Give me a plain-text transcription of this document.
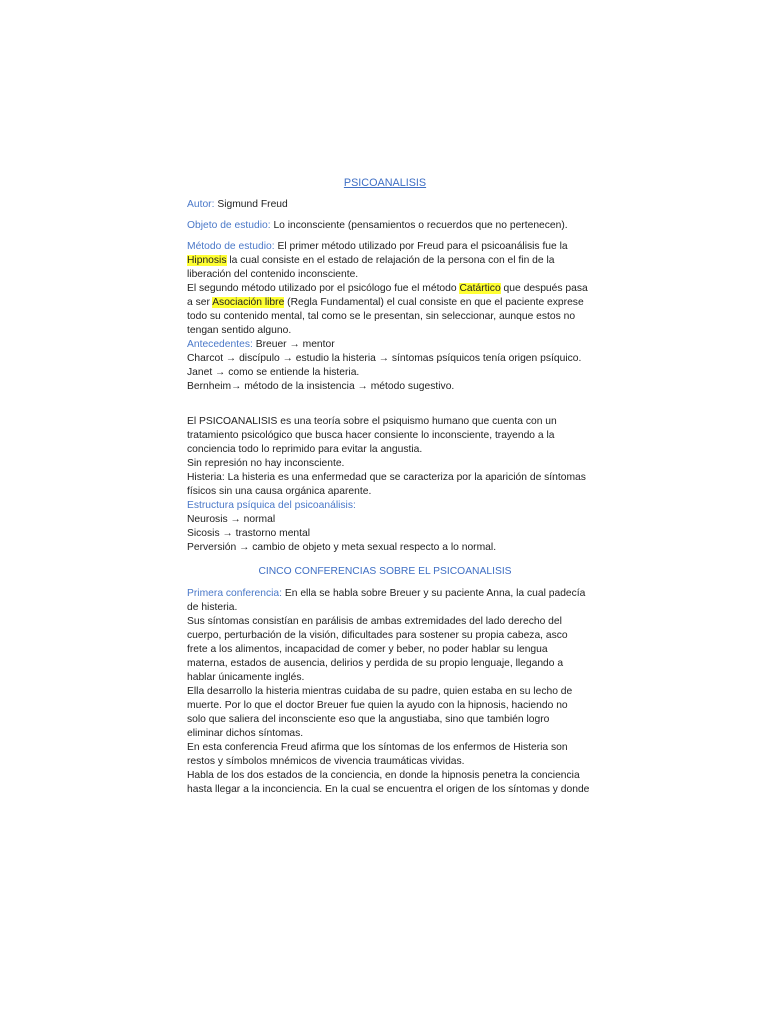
PSICOANALISIS

Autor: Sigmund Freud

Objeto de estudio: Lo inconsciente (pensamientos o recuerdos que no pertenecen).

Método de estudio: El primer método utilizado por Freud para el psicoanálisis fue la

Hipnosis la cual consiste en el estado de relajación de la persona con el fin de la

liberación del contenido inconsciente.

El segundo método utilizado por el psicólogo fue el método Catártico que después pasa

a ser Asociación libre (Regla Fundamental) el cual consiste en que el paciente exprese

todo su contenido mental, tal como se le presentan, sin seleccionar, aunque estos no

tengan sentido alguno.

Antecedentes: Breuer → mentor

Charcot → discípulo → estudio la histeria → síntomas psíquicos tenía origen psíquico.

Janet → como se entiende la histeria.

Bernheim→ método de la insistencia → método sugestivo.

El PSICOANALISIS es una teoría sobre el psiquismo humano que cuenta con un

tratamiento psicológico que busca hacer consiente lo inconsciente, trayendo a la

conciencia todo lo reprimido para evitar la angustia.

Sin represión no hay inconsciente.

Histeria: La histeria es una enfermedad que se caracteriza por la aparición de síntomas

físicos sin una causa orgánica aparente.

Estructura psíquica del psicoanálisis:

Neurosis → normal

Sicosis → trastorno mental

Perversión → cambio de objeto y meta sexual respecto a lo normal.

CINCO CONFERENCIAS SOBRE EL PSICOANALISIS

Primera conferencia: En ella se habla sobre Breuer y su paciente Anna, la cual padecía

de histeria.

Sus síntomas consistían en parálisis de ambas extremidades del lado derecho del

cuerpo, perturbación de la visión, dificultades para sostener su propia cabeza, asco

frete a los alimentos, incapacidad de comer y beber, no poder hablar su lengua

materna, estados de ausencia, delirios y perdida de su propio lenguaje, llegando a

hablar únicamente inglés.

Ella desarrollo la histeria mientras cuidaba de su padre, quien estaba en su lecho de

muerte. Por lo que el doctor Breuer fue quien la ayudo con la hipnosis, haciendo no

solo que saliera del inconsciente eso que la angustiaba, sino que también logro

eliminar dichos síntomas.

En esta conferencia Freud afirma que los síntomas de los enfermos de Histeria son

restos y símbolos mnémicos de vivencia traumáticas vividas.

Habla de los dos estados de la conciencia, en donde la hipnosis penetra la conciencia

hasta llegar a la inconciencia. En la cual se encuentra el origen de los síntomas y donde
